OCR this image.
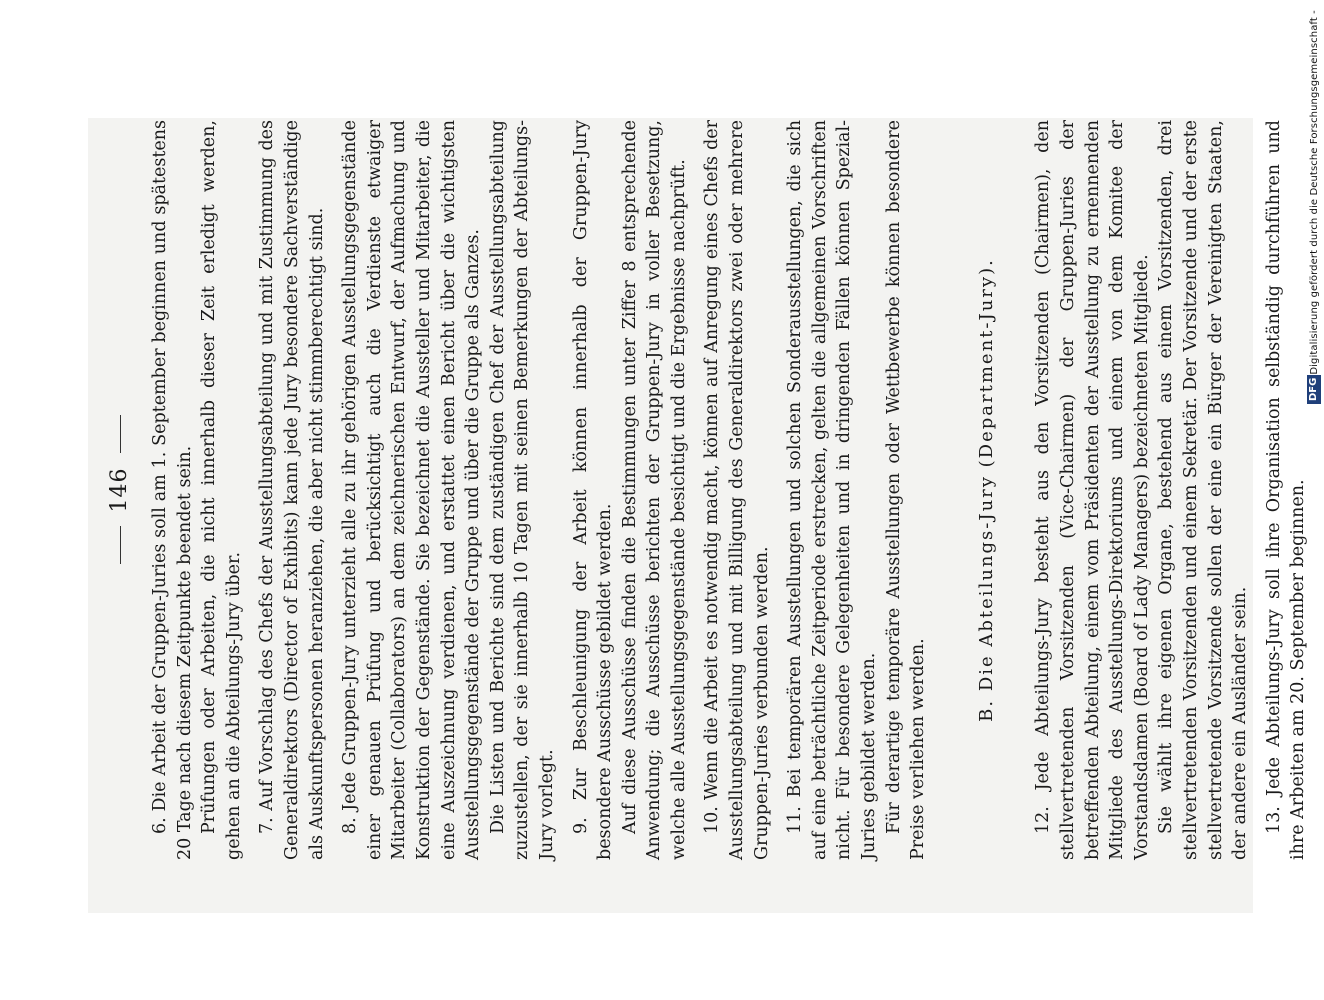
146 6. Die Arbeit der Gruppen-Juries soll am 1. September beginnen und spätestens 20 Tage nach diesem Zeitpunkte beendet sein. Prüfungen oder Arbeiten, die nicht innerhalb dieser Zeit erledigt werden, gehen an die Abteilungs-Jury über. 7. Auf Vorschlag des Chefs der Ausstellungsabteilung und mit Zustimmung des Generaldirektors (Director of Exhibits) kann jede Jury besondere Sachverständige als Auskunftspersonen heranziehen, die aber nicht stimmberechtigt sind. 8. Jede Gruppen-Jury unterzieht alle zu ihr gehörigen Ausstellungsgegenstände einer genauen Prüfung und berücksichtigt auch die Verdienste etwaiger Mitarbeiter (Collaborators) an dem zeichnerischen Entwurf, der Aufmachung und Konstruktion der Gegenstände. Sie bezeichnet die Aussteller und Mitarbeiter, die eine Auszeichnung verdienen, und erstattet einen Bericht über die wichtigsten Ausstellungsgegenstände der Gruppe und über die Gruppe als Ganzes. Die Listen und Berichte sind dem zuständigen Chef der Ausstellungsabteilung zuzustellen, der sie innerhalb 10 Tagen mit seinen Bemerkungen der Abteilungs-Jury vorlegt. 9. Zur Beschleunigung der Arbeit können innerhalb der Gruppen-Jury besondere Ausschüsse gebildet werden. Auf diese Ausschüsse finden die Bestimmungen unter Ziffer 8 entsprechende Anwendung; die Ausschüsse berichten der Gruppen-Jury in voller Besetzung, welche alle Ausstellungsgegenstände besichtigt und die Ergebnisse nachprüft. 10. Wenn die Arbeit es notwendig macht, können auf Anregung eines Chefs der Ausstellungsabteilung und mit Billigung des Generaldirektors zwei oder mehrere Gruppen-Juries verbunden werden. 11. Bei temporären Ausstellungen und solchen Sonderausstellungen, die sich auf eine beträchtliche Zeitperiode erstrecken, gelten die allgemeinen Vorschriften nicht. Für besondere Gelegenheiten und in dringenden Fällen können Spezial-Juries gebildet werden. Für derartige temporäre Ausstellungen oder Wettbewerbe können besondere Preise verliehen werden.

B. Die Abteilungs-Jury (Department-Jury). 12. Jede Abteilungs-Jury besteht aus den Vorsitzenden (Chairmen), den stellvertretenden Vorsitzenden (Vice-Chairmen) der Gruppen-Juries der betreffenden Abteilung, einem vom Präsidenten der Ausstellung zu ernennenden Mitgliede des Ausstellungs-Direktoriums und einem von dem Komitee der Vorstandsdamen (Board of Lady Managers) bezeichneten Mitgliede. Sie wählt ihre eigenen Organe, bestehend aus einem Vorsitzenden, drei stellvertretenden Vorsitzenden und einem Sekretär. Der Vorsitzende und der erste stellvertretende Vorsitzende sollen der eine ein Bürger der Vereinigten Staaten, der andere ein Ausländer sein. 13. Jede Abteilungs-Jury soll ihre Organisation selbständig durchführen und ihre Arbeiten am 20. September beginnen.

Digitalisierung gefördert durch die Deutsche Forschungsgemeinschaft -
DFG
